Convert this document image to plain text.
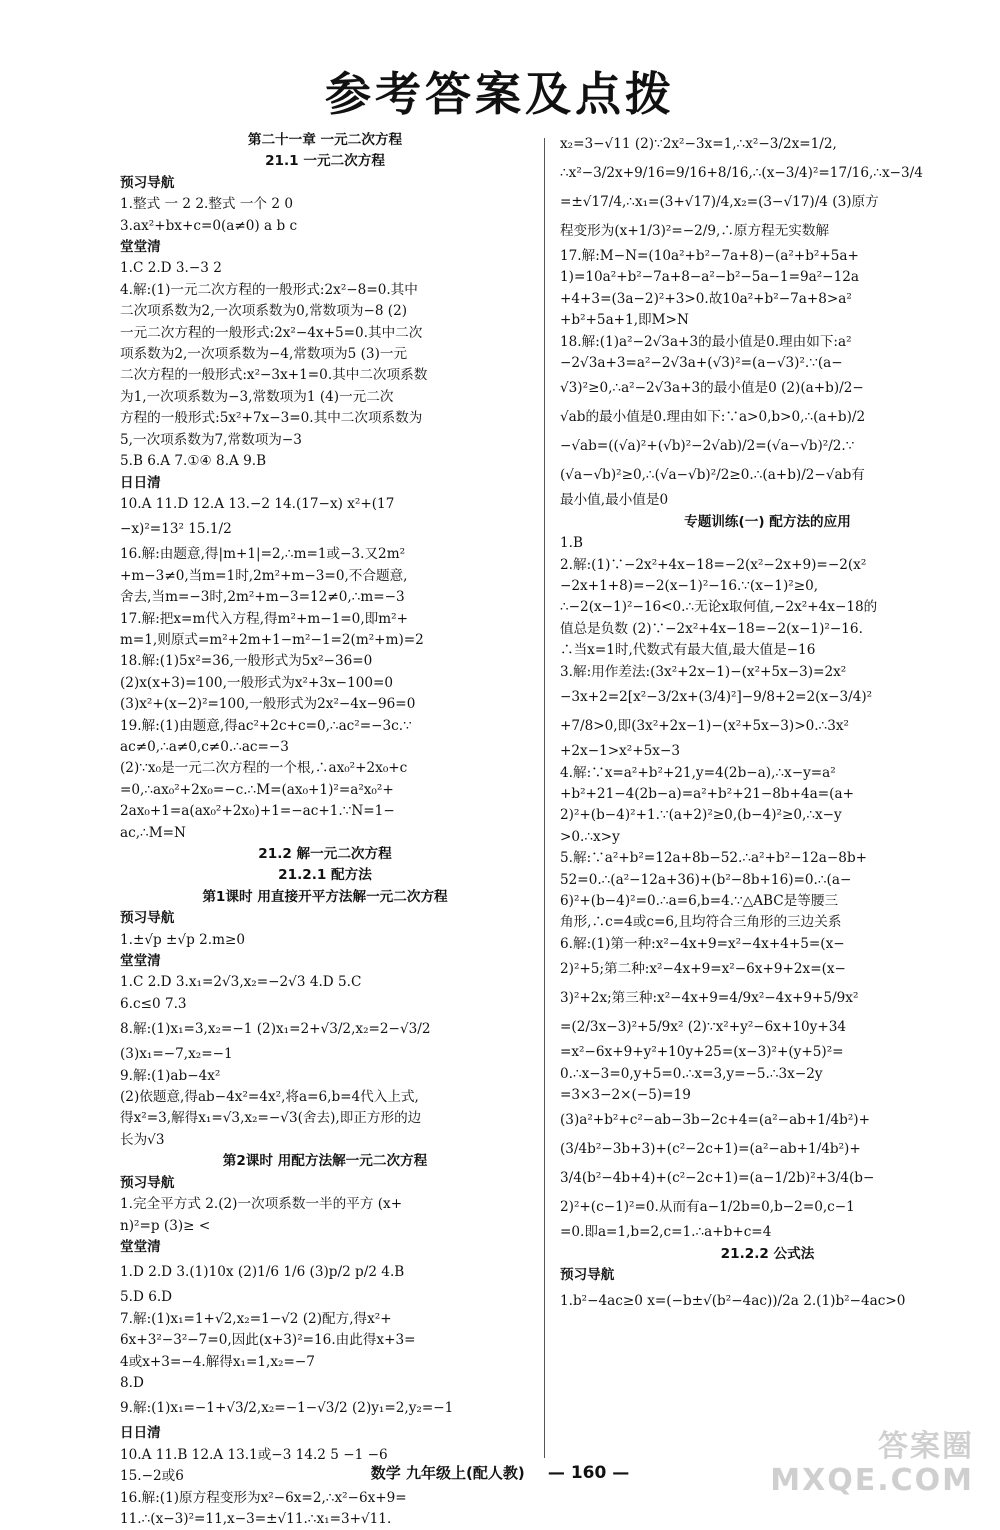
参考答案及点拨
第二十一章 一元二次方程
21.1 一元二次方程
预习导航
1.整式 一 2 2.整式 一个 2 0
3.ax²+bx+c=0(a≠0) a b c
堂堂清
1.C 2.D 3.−3 2
4.解:(1)一元二次方程的一般形式:2x²−8=0.其中
二次项系数为2,一次项系数为0,常数项为−8 (2)
一元二次方程的一般形式:2x²−4x+5=0.其中二次
项系数为2,一次项系数为−4,常数项为5 (3)一元
二次方程的一般形式:x²−3x+1=0.其中二次项系数
为1,一次项系数为−3,常数项为1 (4)一元二次
方程的一般形式:5x²+7x−3=0.其中二次项系数为
5,一次项系数为7,常数项为−3
5.B 6.A 7.①④ 8.A 9.B
日日清
10.A 11.D 12.A 13.−2 14.(17−x) x²+(17
−x)²=13² 15.1/2
16.解:由题意,得|m+1|=2,∴m=1或−3.又2m²
+m−3≠0,当m=1时,2m²+m−3=0,不合题意,
舍去,当m=−3时,2m²+m−3=12≠0,∴m=−3
17.解:把x=m代入方程,得m²+m−1=0,即m²+
m=1,则原式=m²+2m+1−m²−1=2(m²+m)=2
18.解:(1)5x²=36,一般形式为5x²−36=0
(2)x(x+3)=100,一般形式为x²+3x−100=0
(3)x²+(x−2)²=100,一般形式为2x²−4x−96=0
19.解:(1)由题意,得ac²+2c+c=0,∴ac²=−3c.∵
ac≠0,∴a≠0,c≠0.∴ac=−3
(2)∵x₀是一元二次方程的一个根,∴ax₀²+2x₀+c
=0,∴ax₀²+2x₀=−c.∴M=(ax₀+1)²=a²x₀²+
2ax₀+1=a(ax₀²+2x₀)+1=−ac+1.∵N=1−
ac,∴M=N
21.2 解一元二次方程
21.2.1 配方法
第1课时 用直接开平方法解一元二次方程
预习导航
1.±√p ±√p 2.m≥0
堂堂清
1.C 2.D 3.x₁=2√3,x₂=−2√3 4.D 5.C
6.c≤0 7.3
8.解:(1)x₁=3,x₂=−1 (2)x₁=2+√3/2,x₂=2−√3/2
(3)x₁=−7,x₂=−1
9.解:(1)ab−4x²
(2)依题意,得ab−4x²=4x²,将a=6,b=4代入上式,
得x²=3,解得x₁=√3,x₂=−√3(舍去),即正方形的边
长为√3
第2课时 用配方法解一元二次方程
预习导航
1.完全平方式 2.(2)一次项系数一半的平方 (x+
n)²=p (3)≥ <
堂堂清
1.D 2.D 3.(1)10x (2)1/6 1/6 (3)p/2 p/2 4.B
5.D 6.D
7.解:(1)x₁=1+√2,x₂=1−√2 (2)配方,得x²+
6x+3²−3²−7=0,因此(x+3)²=16.由此得x+3=
4或x+3=−4.解得x₁=1,x₂=−7
8.D
9.解:(1)x₁=−1+√3/2,x₂=−1−√3/2 (2)y₁=2,y₂=−1
日日清
10.A 11.B 12.A 13.1或−3 14.2 5 −1 −6
15.−2或6
16.解:(1)原方程变形为x²−6x=2,∴x²−6x+9=
11.∴(x−3)²=11,x−3=±√11.∴x₁=3+√11.
x₂=3−√11 (2)∵2x²−3x=1,∴x²−3/2x=1/2,
∴x²−3/2x+9/16=9/16+8/16,∴(x−3/4)²=17/16,∴x−3/4
=±√17/4,∴x₁=(3+√17)/4,x₂=(3−√17)/4 (3)原方
程变形为(x+1/3)²=−2/9,∴原方程无实数解
17.解:M−N=(10a²+b²−7a+8)−(a²+b²+5a+
1)=10a²+b²−7a+8−a²−b²−5a−1=9a²−12a
+4+3=(3a−2)²+3>0.故10a²+b²−7a+8>a²
+b²+5a+1,即M>N
18.解:(1)a²−2√3a+3的最小值是0.理由如下:a²
−2√3a+3=a²−2√3a+(√3)²=(a−√3)².∵(a−
√3)²≥0,∴a²−2√3a+3的最小值是0 (2)(a+b)/2−
√ab的最小值是0.理由如下:∵a>0,b>0,∴(a+b)/2
−√ab=((√a)²+(√b)²−2√ab)/2=(√a−√b)²/2.∵
(√a−√b)²≥0,∴(√a−√b)²/2≥0.∴(a+b)/2−√ab有
最小值,最小值是0
专题训练(一) 配方法的应用
1.B
2.解:(1)∵−2x²+4x−18=−2(x²−2x+9)=−2(x²
−2x+1+8)=−2(x−1)²−16.∵(x−1)²≥0,
∴−2(x−1)²−16<0.∴无论x取何值,−2x²+4x−18的
值总是负数 (2)∵−2x²+4x−18=−2(x−1)²−16.
∴当x=1时,代数式有最大值,最大值是−16
3.解:用作差法:(3x²+2x−1)−(x²+5x−3)=2x²
−3x+2=2[x²−3/2x+(3/4)²]−9/8+2=2(x−3/4)²
+7/8>0,即(3x²+2x−1)−(x²+5x−3)>0.∴3x²
+2x−1>x²+5x−3
4.解:∵x=a²+b²+21,y=4(2b−a),∴x−y=a²
+b²+21−4(2b−a)=a²+b²+21−8b+4a=(a+
2)²+(b−4)²+1.∵(a+2)²≥0,(b−4)²≥0,∴x−y
>0.∴x>y
5.解:∵a²+b²=12a+8b−52.∴a²+b²−12a−8b+
52=0.∴(a²−12a+36)+(b²−8b+16)=0.∴(a−
6)²+(b−4)²=0.∴a=6,b=4.∵△ABC是等腰三
角形,∴c=4或c=6,且均符合三角形的三边关系
6.解:(1)第一种:x²−4x+9=x²−4x+4+5=(x−
2)²+5;第二种:x²−4x+9=x²−6x+9+2x=(x−
3)²+2x;第三种:x²−4x+9=4/9x²−4x+9+5/9x²
=(2/3x−3)²+5/9x² (2)∵x²+y²−6x+10y+34
=x²−6x+9+y²+10y+25=(x−3)²+(y+5)²=
0.∴x−3=0,y+5=0.∴x=3,y=−5.∴3x−2y
=3×3−2×(−5)=19
(3)a²+b²+c²−ab−3b−2c+4=(a²−ab+1/4b²)+
(3/4b²−3b+3)+(c²−2c+1)=(a²−ab+1/4b²)+
3/4(b²−4b+4)+(c²−2c+1)=(a−1/2b)²+3/4(b−
2)²+(c−1)²=0.从而有a−1/2b=0,b−2=0,c−1
=0.即a=1,b=2,c=1.∴a+b+c=4
21.2.2 公式法
预习导航
1.b²−4ac≥0 x=(−b±√(b²−4ac))/2a 2.(1)b²−4ac>0
数学 九年级上(配人教) — 160 —
答案圈
MXQE.COM
